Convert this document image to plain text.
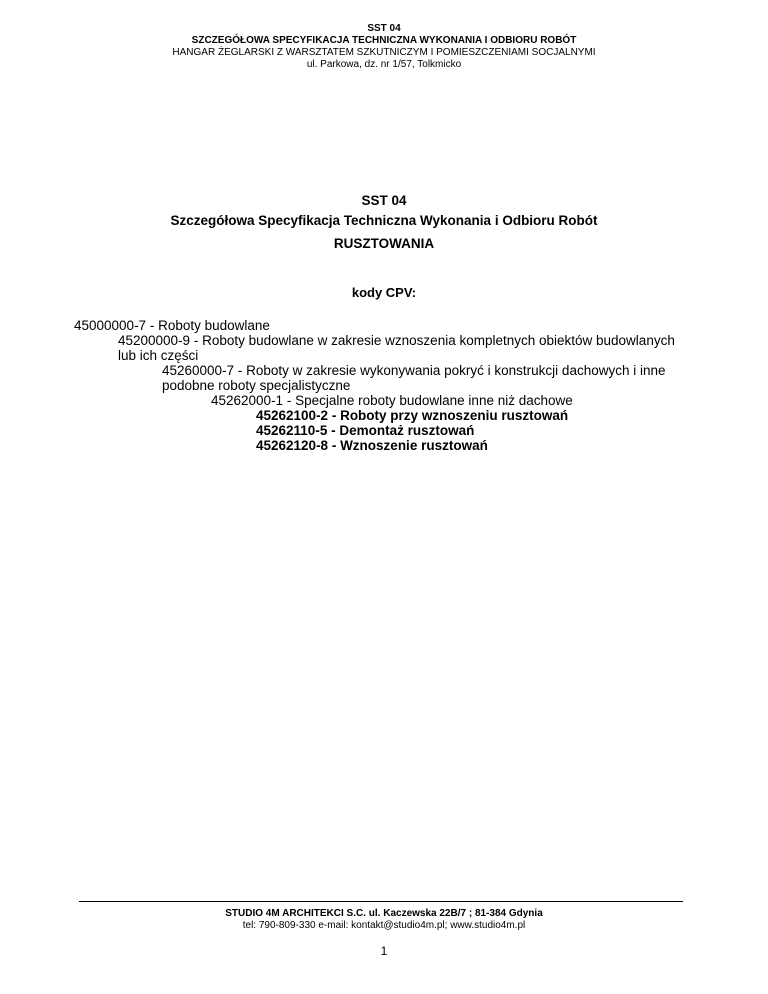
SST 04
SZCZEGÓŁOWA SPECYFIKACJA TECHNICZNA WYKONANIA I ODBIORU ROBÓT
HANGAR ŻEGLARSKI Z WARSZTATEM SZKUTNICZYM I POMIESZCZENIAMI SOCJALNYMI
ul. Parkowa, dz. nr 1/57, Tolkmicko
SST 04
Szczegółowa Specyfikacja Techniczna Wykonania i Odbioru Robót
RUSZTOWANIA
kody CPV:
45000000-7 - Roboty budowlane
45200000-9 - Roboty budowlane w zakresie wznoszenia kompletnych obiektów budowlanych lub ich części
45260000-7 - Roboty w zakresie wykonywania pokryć i konstrukcji dachowych i inne podobne roboty specjalistyczne
45262000-1 - Specjalne roboty budowlane inne niż dachowe
45262100-2 - Roboty przy wznoszeniu rusztowań
45262110-5 - Demontaż rusztowań
45262120-8 - Wznoszenie rusztowań
STUDIO 4M ARCHITEKCI S.C. ul. Kaczewska 22B/7 ; 81-384 Gdynia
tel: 790-809-330 e-mail: kontakt@studio4m.pl; www.studio4m.pl
1
